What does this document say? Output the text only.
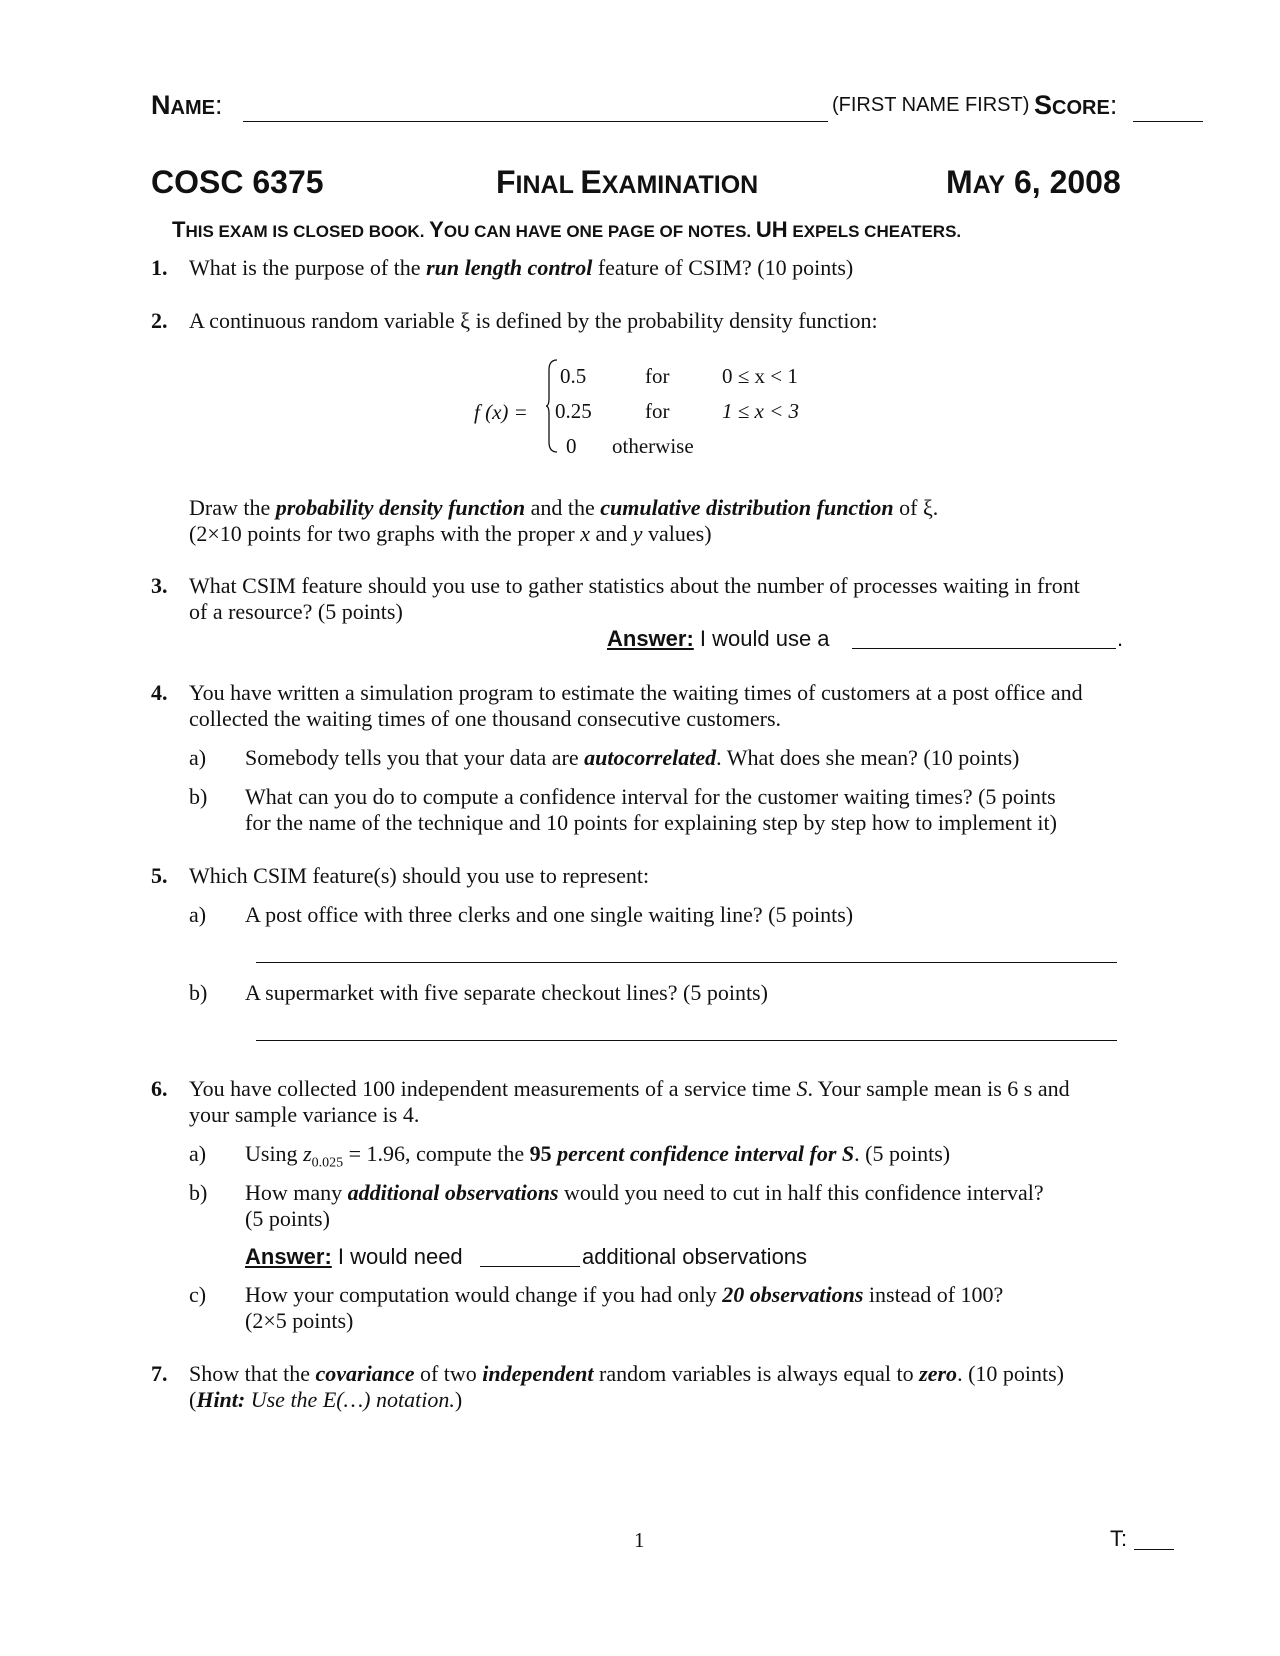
NAME:	(FIRST NAME FIRST) SCORE:
COSC 6375	FINAL EXAMINATION	MAY 6, 2008
THIS EXAM IS CLOSED BOOK. YOU CAN HAVE ONE PAGE OF NOTES. UH EXPELS CHEATERS.
1. What is the purpose of the run length control feature of CSIM? (10 points)
2. A continuous random variable ξ is defined by the probability density function:
f (x) =
0.5	for	0 ≤ x < 1
0.25	for	1 ≤ x < 3
0 otherwise
Draw the probability density function and the cumulative distribution function of ξ.
(2×10 points for two graphs with the proper x and y values)
3. What CSIM feature should you use to gather statistics about the number of processes waiting in front
of a resource? (5 points)
Answer: I would use a	.
4. You have written a simulation program to estimate the waiting times of customers at a post office and
collected the waiting times of one thousand consecutive customers.
a) Somebody tells you that your data are autocorrelated. What does she mean? (10 points)
b) What can you do to compute a confidence interval for the customer waiting times? (5 points
for the name of the technique and 10 points for explaining step by step how to implement it)
5. Which CSIM feature(s) should you use to represent:
a) A post office with three clerks and one single waiting line? (5 points)
b) A supermarket with five separate checkout lines? (5 points)
6. You have collected 100 independent measurements of a service time S. Your sample mean is 6 s and
your sample variance is 4.
a) Using $z_{0.025} = 1.96$, compute the 95 percent confidence interval for S. (5 points)
b) How many additional observations would you need to cut in half this confidence interval?
(5 points)
Answer: I would need	additional observations
c) How your computation would change if you had only 20 observations instead of 100?
(2×5 points)
7. Show that the covariance of two independent random variables is always equal to zero. (10 points)
(Hint: Use the E(…) notation.)
1	T:
